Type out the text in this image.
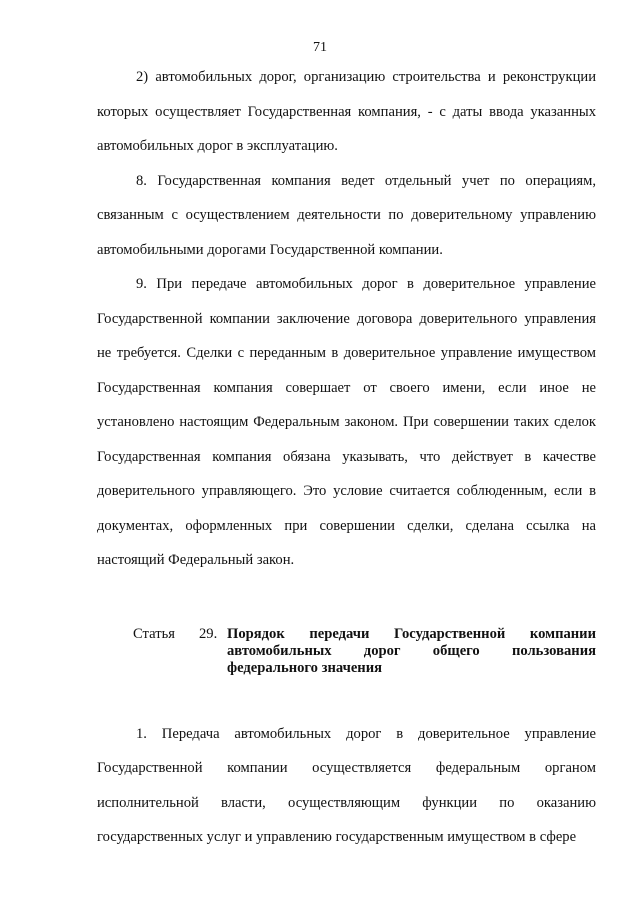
71

2) автомобильных дорог, организацию строительства и реконструкции которых осуществляет Государственная компания, - с даты ввода указанных автомобильных дорог в эксплуатацию.

8. Государственная компания ведет отдельный учет по операциям, связанным с осуществлением деятельности по доверительному управлению автомобильными дорогами Государственной компании.

9. При передаче автомобильных дорог в доверительное управление Государственной компании заключение договора доверительного управления не требуется. Сделки с переданным в доверительное управление имуществом Государственная компания совершает от своего имени, если иное не установлено настоящим Федеральным законом. При совершении таких сделок Государственная компания обязана указывать, что действует в качестве доверительного управляющего. Это условие считается соблюденным, если в документах, оформленных при совершении сделки, сделана ссылка на настоящий Федеральный закон.

Статья 29. Порядок передачи Государственной компании автомобильных дорог общего пользования федерального значения

1. Передача автомобильных дорог в доверительное управление Государственной компании осуществляется федеральным органом исполнительной власти, осуществляющим функции по оказанию государственных услуг и управлению государственным имуществом в сфере
